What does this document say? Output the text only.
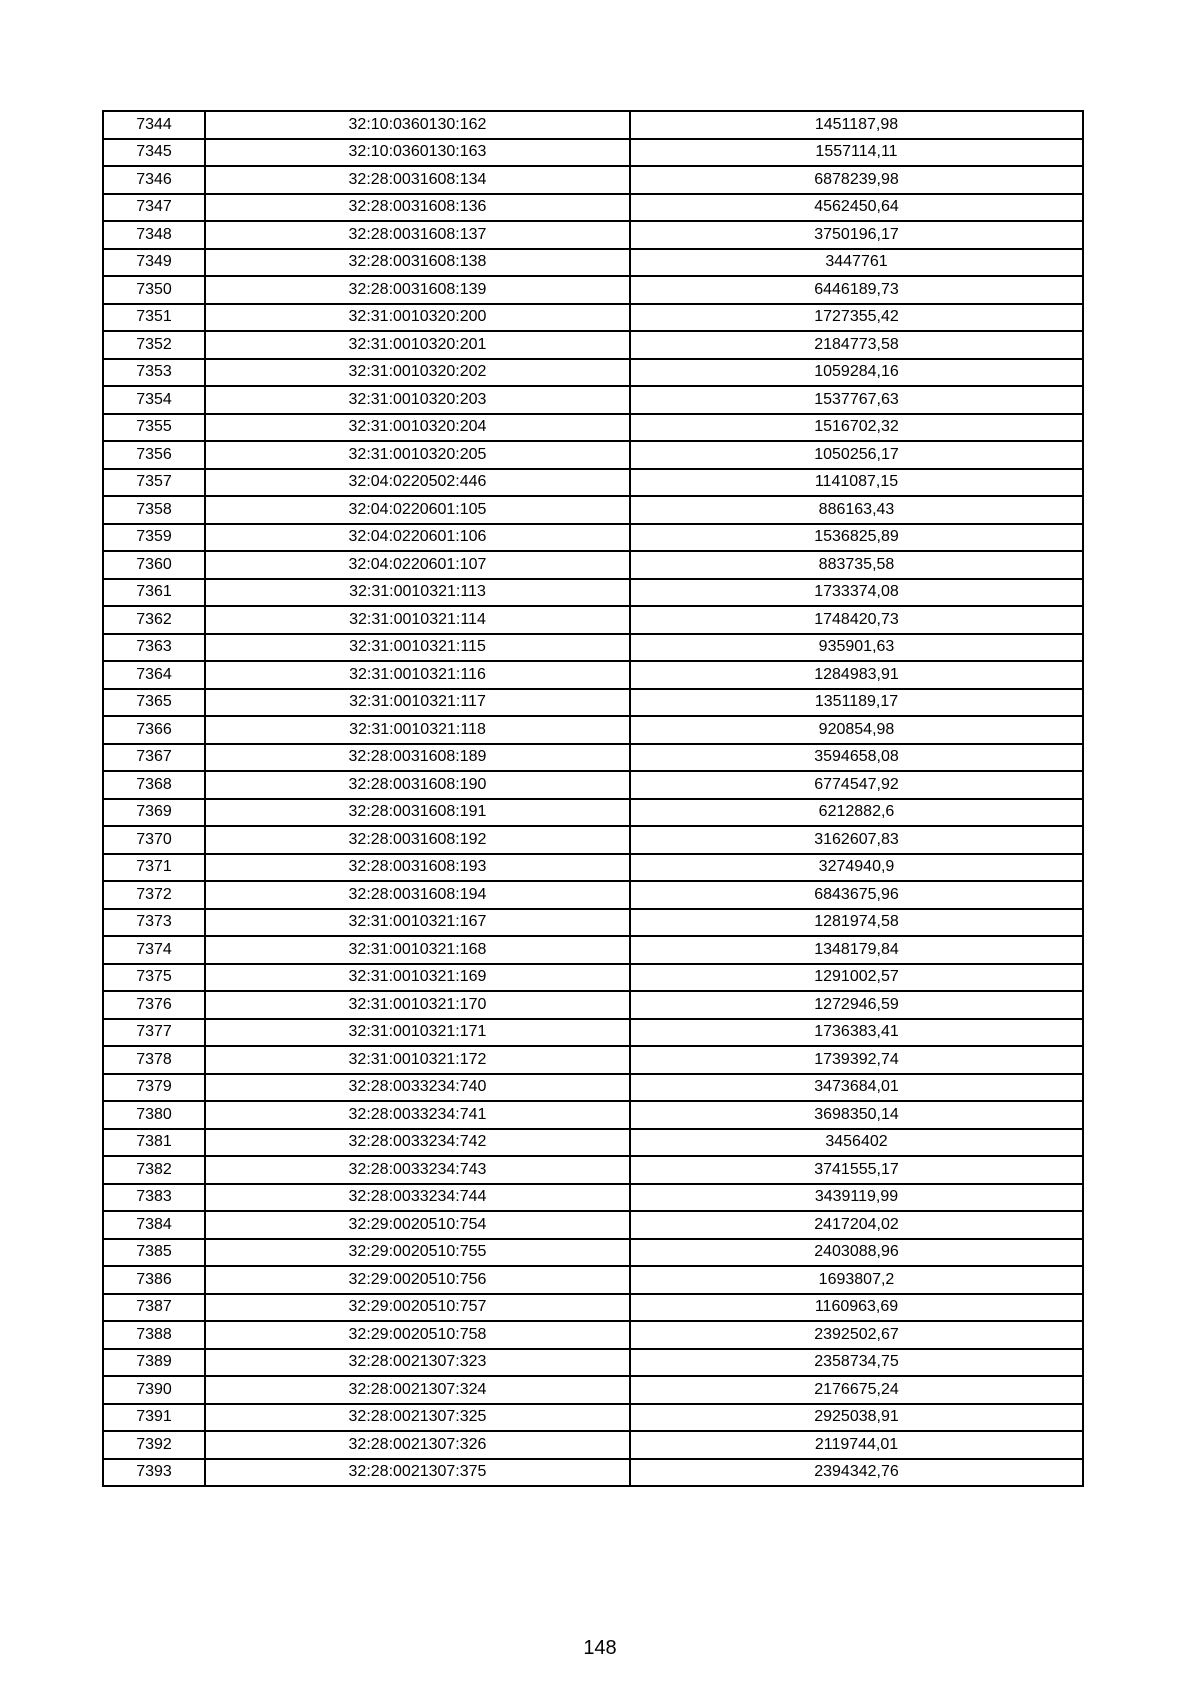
7344	32:10:0360130:162	1451187,98
7345	32:10:0360130:163	1557114,11
7346	32:28:0031608:134	6878239,98
7347	32:28:0031608:136	4562450,64
7348	32:28:0031608:137	3750196,17
7349	32:28:0031608:138	3447761
7350	32:28:0031608:139	6446189,73
7351	32:31:0010320:200	1727355,42
7352	32:31:0010320:201	2184773,58
7353	32:31:0010320:202	1059284,16
7354	32:31:0010320:203	1537767,63
7355	32:31:0010320:204	1516702,32
7356	32:31:0010320:205	1050256,17
7357	32:04:0220502:446	1141087,15
7358	32:04:0220601:105	886163,43
7359	32:04:0220601:106	1536825,89
7360	32:04:0220601:107	883735,58
7361	32:31:0010321:113	1733374,08
7362	32:31:0010321:114	1748420,73
7363	32:31:0010321:115	935901,63
7364	32:31:0010321:116	1284983,91
7365	32:31:0010321:117	1351189,17
7366	32:31:0010321:118	920854,98
7367	32:28:0031608:189	3594658,08
7368	32:28:0031608:190	6774547,92
7369	32:28:0031608:191	6212882,6
7370	32:28:0031608:192	3162607,83
7371	32:28:0031608:193	3274940,9
7372	32:28:0031608:194	6843675,96
7373	32:31:0010321:167	1281974,58
7374	32:31:0010321:168	1348179,84
7375	32:31:0010321:169	1291002,57
7376	32:31:0010321:170	1272946,59
7377	32:31:0010321:171	1736383,41
7378	32:31:0010321:172	1739392,74
7379	32:28:0033234:740	3473684,01
7380	32:28:0033234:741	3698350,14
7381	32:28:0033234:742	3456402
7382	32:28:0033234:743	3741555,17
7383	32:28:0033234:744	3439119,99
7384	32:29:0020510:754	2417204,02
7385	32:29:0020510:755	2403088,96
7386	32:29:0020510:756	1693807,2
7387	32:29:0020510:757	1160963,69
7388	32:29:0020510:758	2392502,67
7389	32:28:0021307:323	2358734,75
7390	32:28:0021307:324	2176675,24
7391	32:28:0021307:325	2925038,91
7392	32:28:0021307:326	2119744,01
7393	32:28:0021307:375	2394342,76
148
